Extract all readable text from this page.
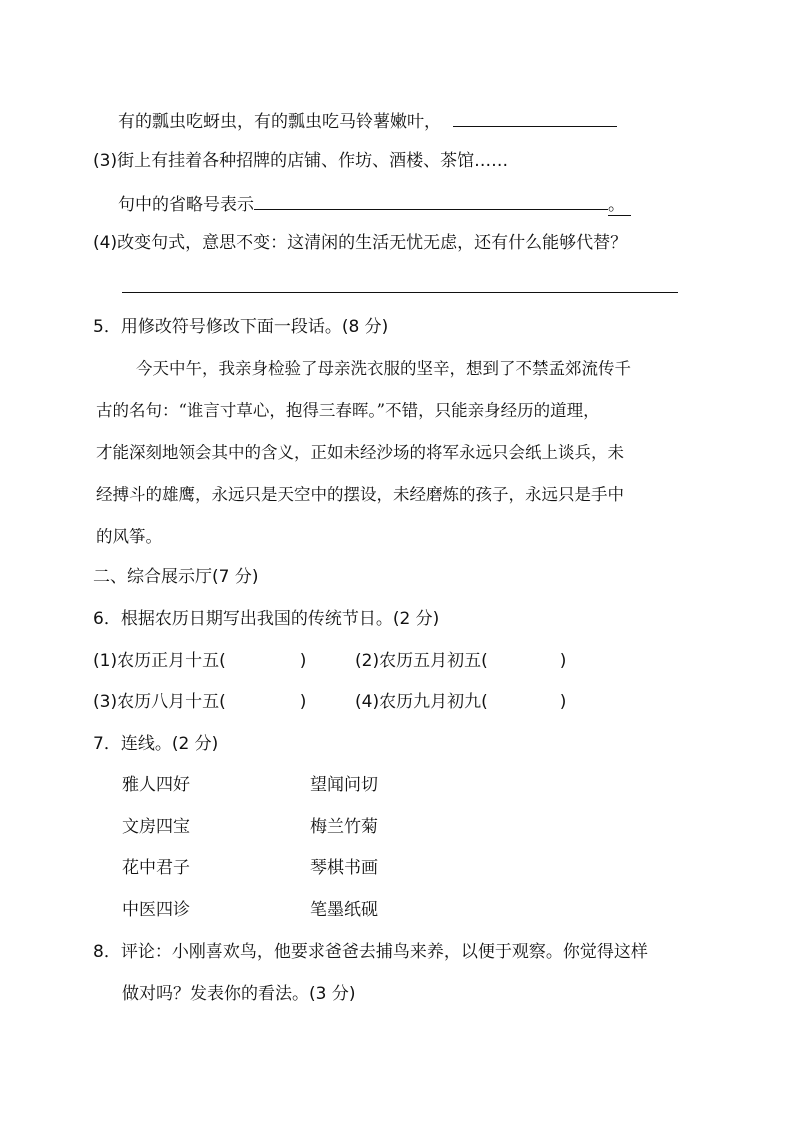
有的瓢虫吃蚜虫，有的瓢虫吃马铃薯嫩叶，
(3)街上有挂着各种招牌的店铺、作坊、酒楼、茶馆……
句中的省略号表示	。
(4)改变句式，意思不变：这清闲的生活无忧无虑，还有什么能够代替？
5．用修改符号修改下面一段话。(8 分)
今天中午，我亲身检验了母亲洗衣服的坚辛，想到了不禁孟郊流传千
古的名句：“谁言寸草心，抱得三春晖。”不错，只能亲身经历的道理，
才能深刻地领会其中的含义，正如未经沙场的将军永远只会纸上谈兵，未
经搏斗的雄鹰，永远只是天空中的摆设，未经磨炼的孩子，永远只是手中
的风筝。
二、综合展示厅(7 分)
6．根据农历日期写出我国的传统节日。(2 分)
(1)农历正月十五(	)	(2)农历五月初五(	)
(3)农历八月十五(	)	(4)农历九月初九(	)
7．连线。(2 分)
雅人四好	望闻问切
文房四宝	梅兰竹菊
花中君子	琴棋书画
中医四诊	笔墨纸砚
8．评论：小刚喜欢鸟，他要求爸爸去捕鸟来养，以便于观察。你觉得这样
做对吗？发表你的看法。(3 分)
